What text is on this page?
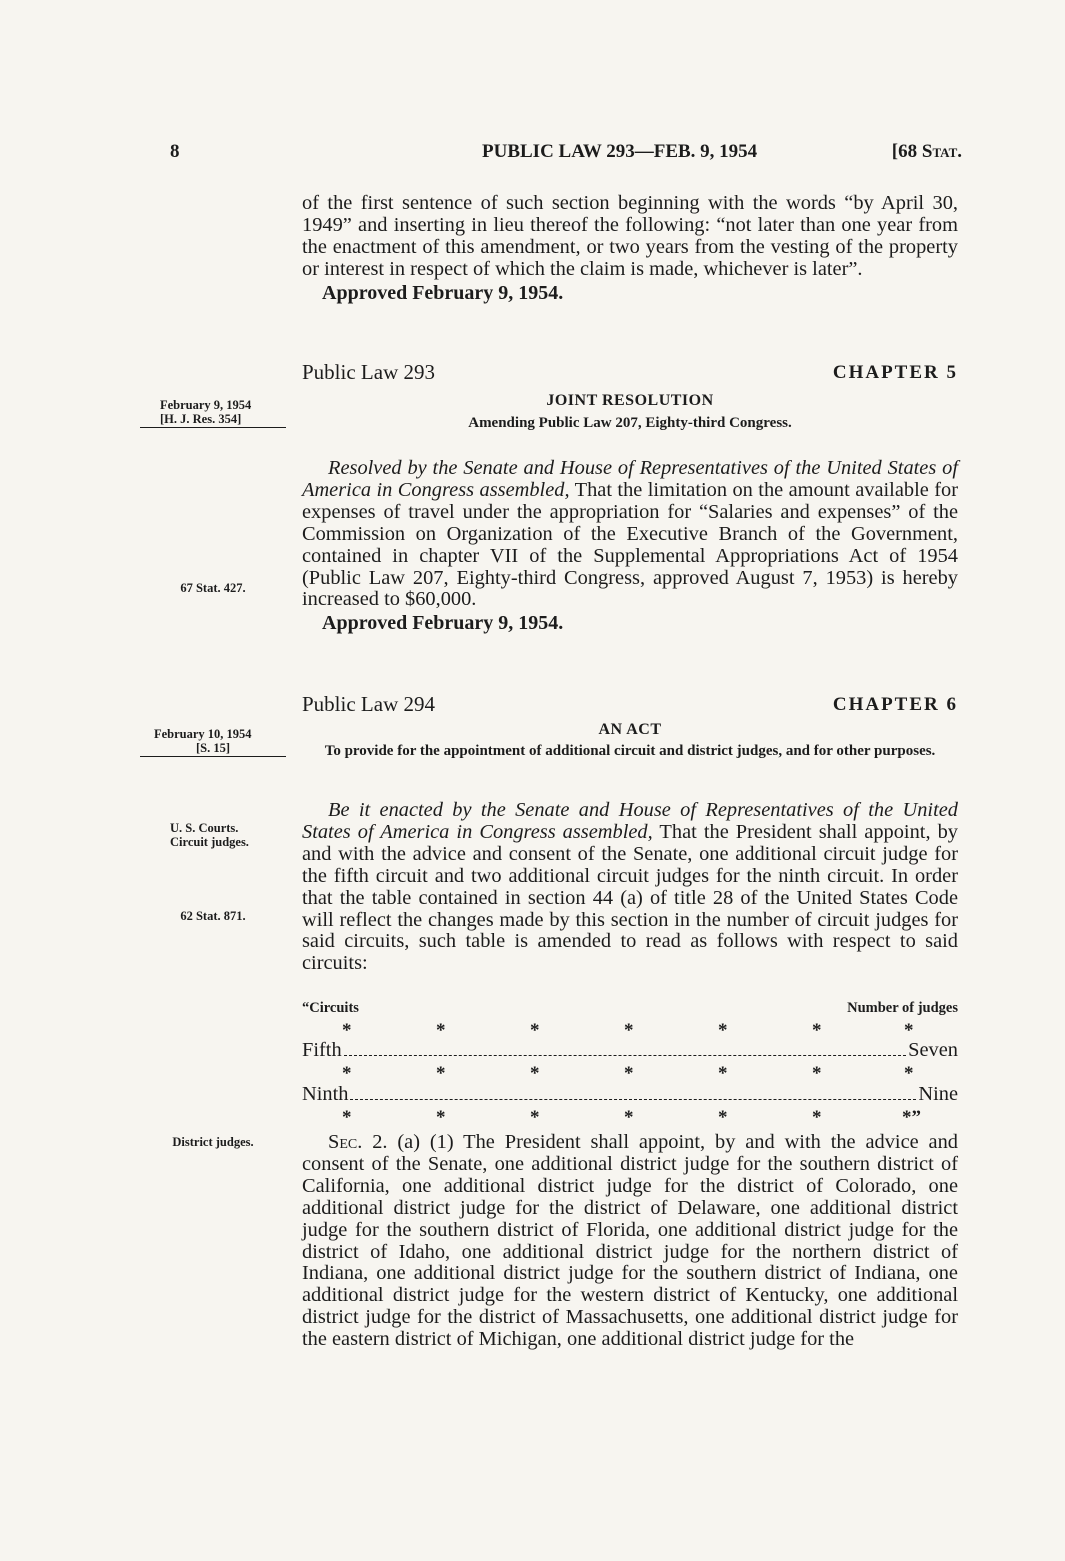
8	PUBLIC LAW 293—FEB. 9, 1954	[68 Stat.

of the first sentence of such section beginning with the words “by April 30, 1949” and inserting in lieu thereof the following: “not later than one year from the enactment of this amendment, or two years from the vesting of the property or interest in respect of which the claim is made, whichever is later”.

Approved February 9, 1954.

Public Law 293	CHAPTER 5
JOINT RESOLUTION
Amending Public Law 207, Eighty-third Congress.
February 9, 1954
[H. J. Res. 354]

Resolved by the Senate and House of Representatives of the United States of America in Congress assembled, That the limitation on the amount available for expenses of travel under the appropriation for “Salaries and expenses” of the Commission on Organization of the Executive Branch of the Government, contained in chapter VII of the Supplemental Appropriations Act of 1954 (Public Law 207, Eighty-third Congress, approved August 7, 1953) is hereby increased to $60,000.

Approved February 9, 1954.

67 Stat. 427.
Public Law 294	CHAPTER 6
AN ACT
To provide for the appointment of additional circuit and district judges, and for other purposes.
February 10, 1954
[S. 15]

Be it enacted by the Senate and House of Representatives of the United States of America in Congress assembled, That the President shall appoint, by and with the advice and consent of the Senate, one additional circuit judge for the fifth circuit and two additional circuit judges for the ninth circuit. In order that the table contained in section 44 (a) of title 28 of the United States Code will reflect the changes made by this section in the number of circuit judges for said circuits, such table is amended to read as follows with respect to said circuits:

U. S. Courts.
Circuit judges.
62 Stat. 871.
“Circuits	Number of judges
*	*	*	*	*	*	*
Fifth	Seven
*	*	*	*	*	*	*
Ninth	Nine
*	*	*	*	*	*	*”
District judges.	Sec. 2. (a) (1) The President shall appoint, by and with the advice and consent of the Senate, one additional district judge for the southern district of California, one additional district judge for the district of Colorado, one additional district judge for the district of Delaware, one additional district judge for the southern district of Florida, one additional district judge for the district of Idaho, one additional district judge for the northern district of Indiana, one additional district judge for the southern district of Indiana, one additional district judge for the western district of Kentucky, one additional district judge for the district of Massachusetts, one additional district judge for the eastern district of Michigan, one additional district judge for the
